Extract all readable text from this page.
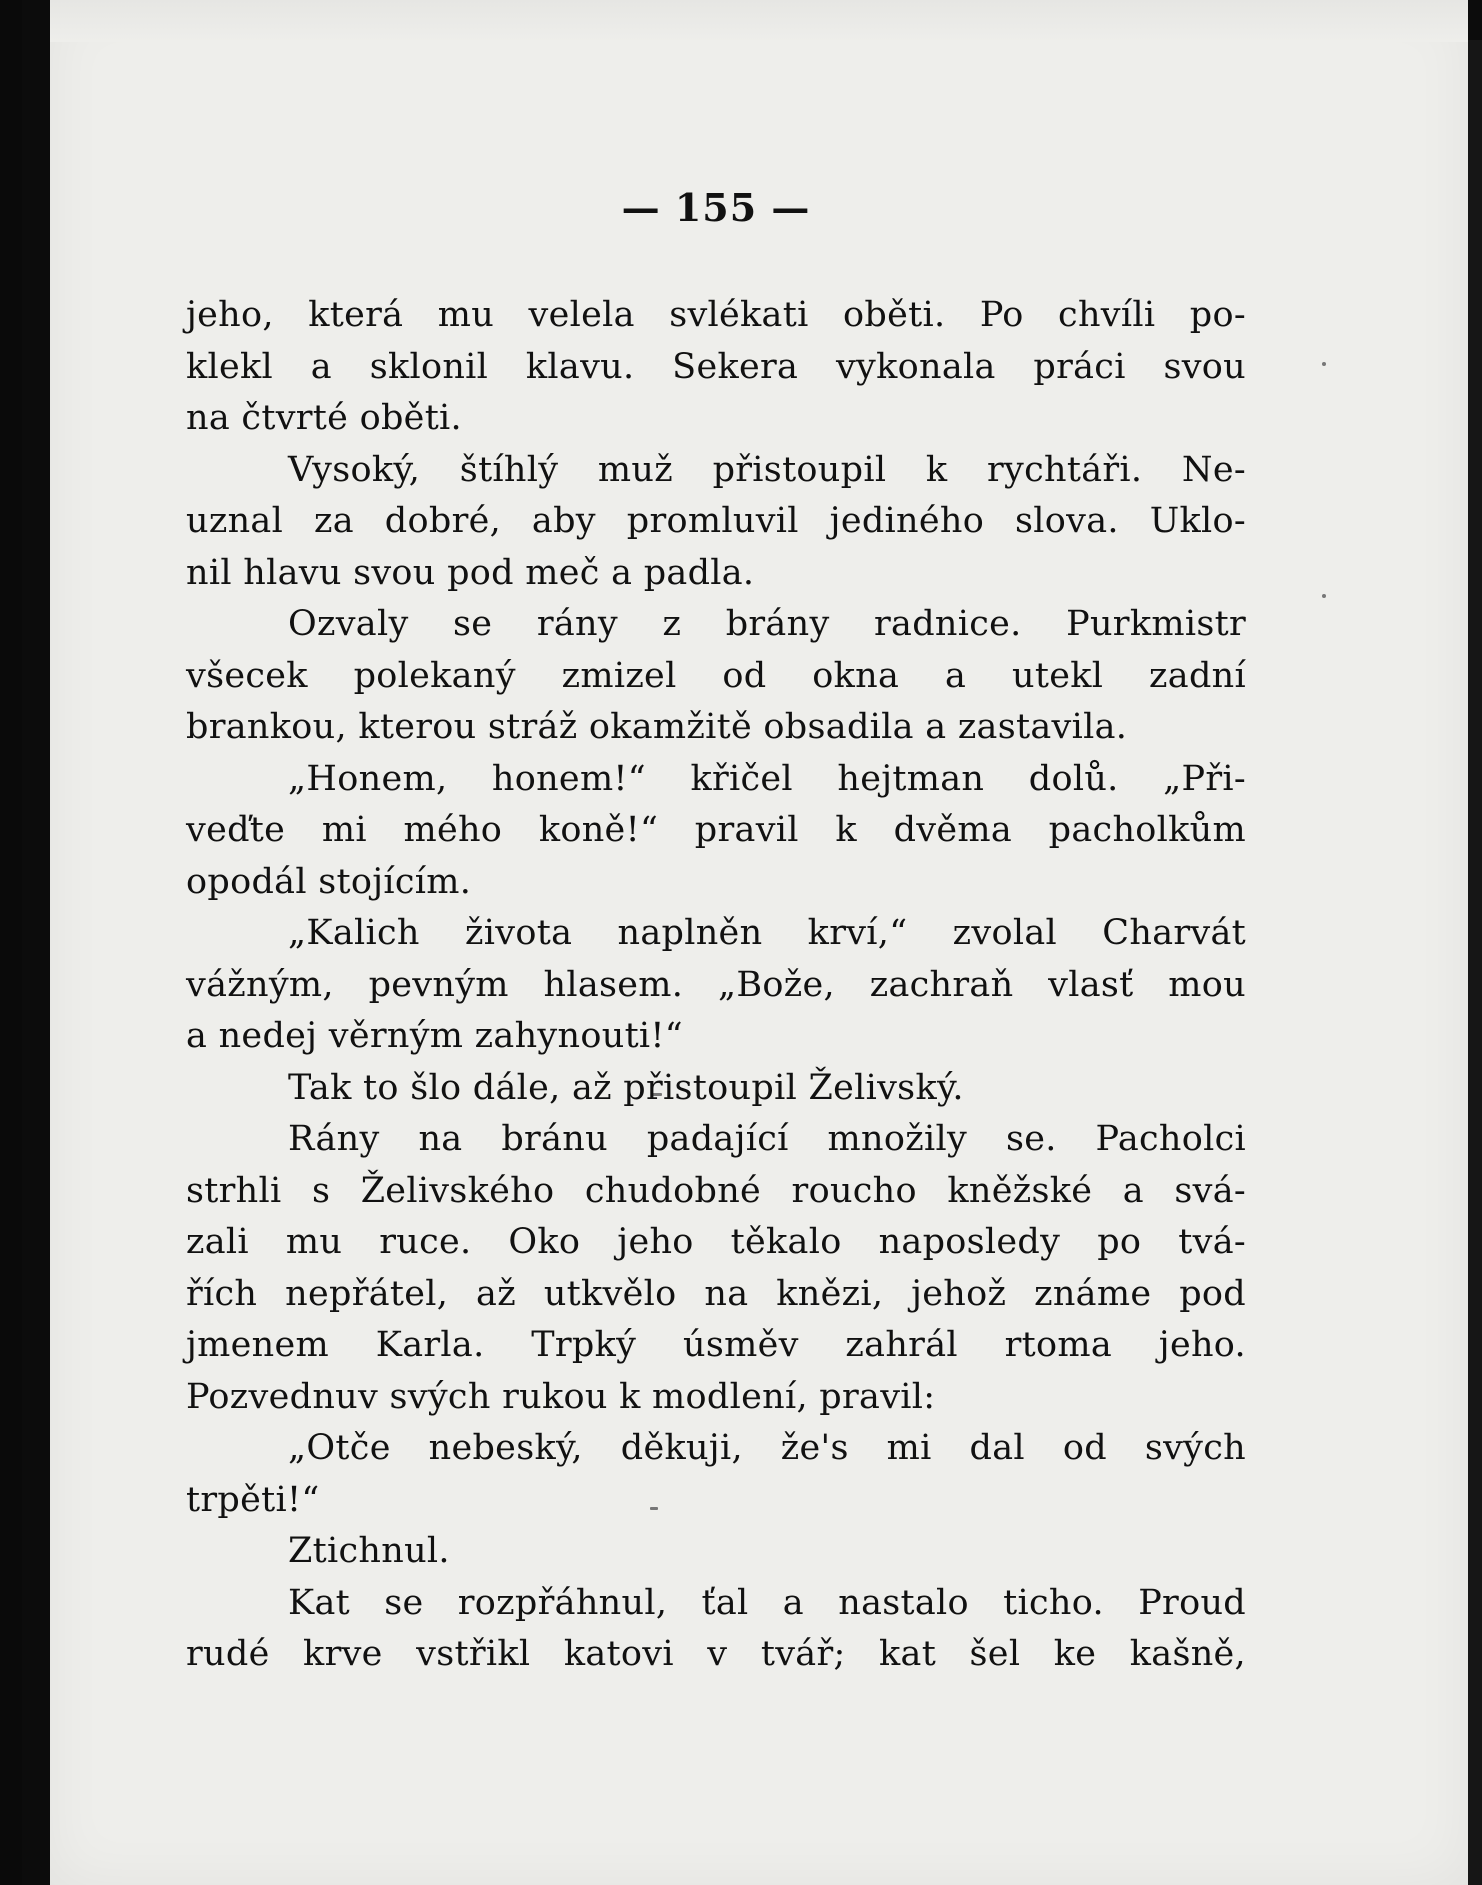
— 155 —
jeho, která mu velela svlékati oběti. Po chvíli po-
klekl a sklonil klavu. Sekera vykonala práci svou
na čtvrté oběti.
Vysoký, štíhlý muž přistoupil k rychtáři. Ne-
uznal za dobré, aby promluvil jediného slova. Uklo-
nil hlavu svou pod meč a padla.
Ozvaly se rány z brány radnice. Purkmistr
všecek polekaný zmizel od okna a utekl zadní
brankou, kterou stráž okamžitě obsadila a zastavila.
„Honem, honem!“ křičel hejtman dolů. „Při-
veďte mi mého koně!“ pravil k dvěma pacholkům
opodál stojícím.
„Kalich života naplněn krví,“ zvolal Charvát
vážným, pevným hlasem. „Bože, zachraň vlasť mou
a nedej věrným zahynouti!“
Tak to šlo dále, až přistoupil Želivský.
Rány na bránu padající množily se. Pacholci
strhli s Želivského chudobné roucho kněžské a svá-
zali mu ruce. Oko jeho těkalo naposledy po tvá-
řích nepřátel, až utkvělo na knězi, jehož známe pod
jmenem Karla. Trpký úsměv zahrál rtoma jeho.
Pozvednuv svých rukou k modlení, pravil:
„Otče nebeský, děkuji, že's mi dal od svých
trpěti!“
Ztichnul.
Kat se rozpřáhnul, ťal a nastalo ticho. Proud
rudé krve vstřikl katovi v tvář; kat šel ke kašně,
